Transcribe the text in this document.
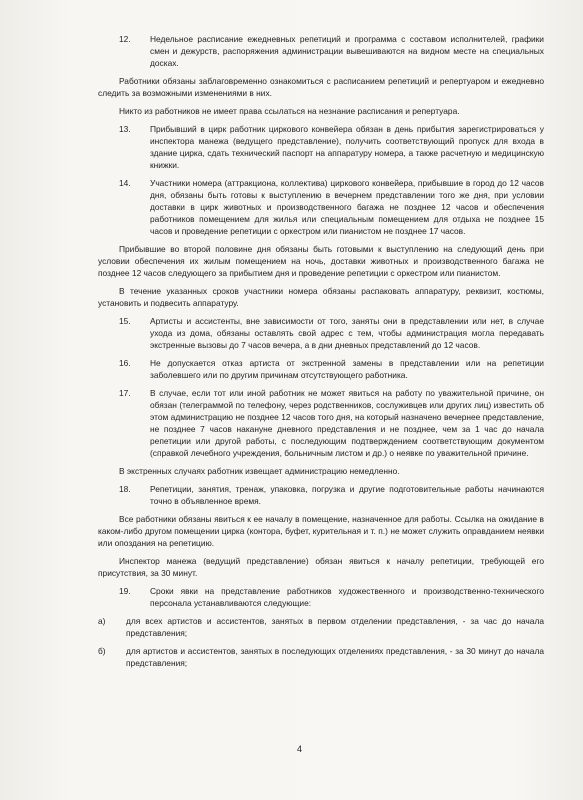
12.	Недельное расписание ежедневных репетиций и программа с составом исполнителей, графики смен и дежурств, распоряжения администрации вывешиваются на видном месте на специальных досках.

Работники обязаны заблаговременно ознакомиться с расписанием репетиций и репертуаром и ежедневно следить за возможными изменениями в них.

Никто из работников не имеет права ссылаться на незнание расписания и репертуара.

13.	Прибывший в цирк работник циркового конвейера обязан в день прибытия зарегистрироваться у инспектора манежа (ведущего представление), получить соответствующий пропуск для входа в здание цирка, сдать технический паспорт на аппаратуру номера, а также расчетную и медицинскую книжки.

14.	Участники номера (аттракциона, коллектива) циркового конвейера, прибывшие в город до 12 часов дня, обязаны быть готовы к выступлению в вечернем представлении того же дня, при условии доставки в цирк животных и производственного багажа не позднее 12 часов и обеспечения работников помещением для жилья или специальным помещением для отдыха не позднее 15 часов и проведение репетиции с оркестром или пианистом не позднее 17 часов.

Прибывшие во второй половине дня обязаны быть готовыми к выступлению на следующий день при условии обеспечения их жилым помещением на ночь, доставки животных и производственного багажа не позднее 12 часов следующего за прибытием дня и проведение репетиции с оркестром или пианистом.

В течение указанных сроков участники номера обязаны распаковать аппаратуру, реквизит, костюмы, установить и подвесить аппаратуру.

15.	Артисты и ассистенты, вне зависимости от того, заняты они в представлении или нет, в случае ухода из дома, обязаны оставлять свой адрес с тем, чтобы администрация могла передавать экстренные вызовы до 7 часов вечера, а в дни дневных представлений до 12 часов.

16.	Не допускается отказ артиста от экстренной замены в представлении или на репетиции заболевшего или по другим причинам отсутствующего работника.

17.	В случае, если тот или иной работник не может явиться на работу по уважительной причине, он обязан (телеграммой по телефону, через родственников, сослуживцев или других лиц) известить об этом администрацию не позднее 12 часов того дня, на который назначено вечернее представление, не позднее 7 часов накануне дневного представления и не позднее, чем за 1 час до начала репетиции или другой работы, с последующим подтверждением соответствующим документом (справкой лечебного учреждения, больничным листом и др.) о неявке по уважительной причине.

В экстренных случаях работник извещает администрацию немедленно.

18.	Репетиции, занятия, тренаж, упаковка, погрузка и другие подготовительные работы начинаются точно в объявленное время.

Все работники обязаны явиться к ее началу в помещение, назначенное для работы. Ссылка на ожидание в каком-либо другом помещении цирка (контора, буфет, курительная и т. п.) не может служить оправданием неявки или опоздания на репетицию.

Инспектор манежа (ведущий представление) обязан явиться к началу репетиции, требующей его присутствия, за 30 минут.

19.	Сроки явки на представление работников художественного и производственно-технического персонала устанавливаются следующие:

а)	для всех артистов и ассистентов, занятых в первом отделении представления, - за час до начала представления;
б)	для артистов и ассистентов, занятых в последующих отделениях представления, - за 30 минут до начала представления;
4
